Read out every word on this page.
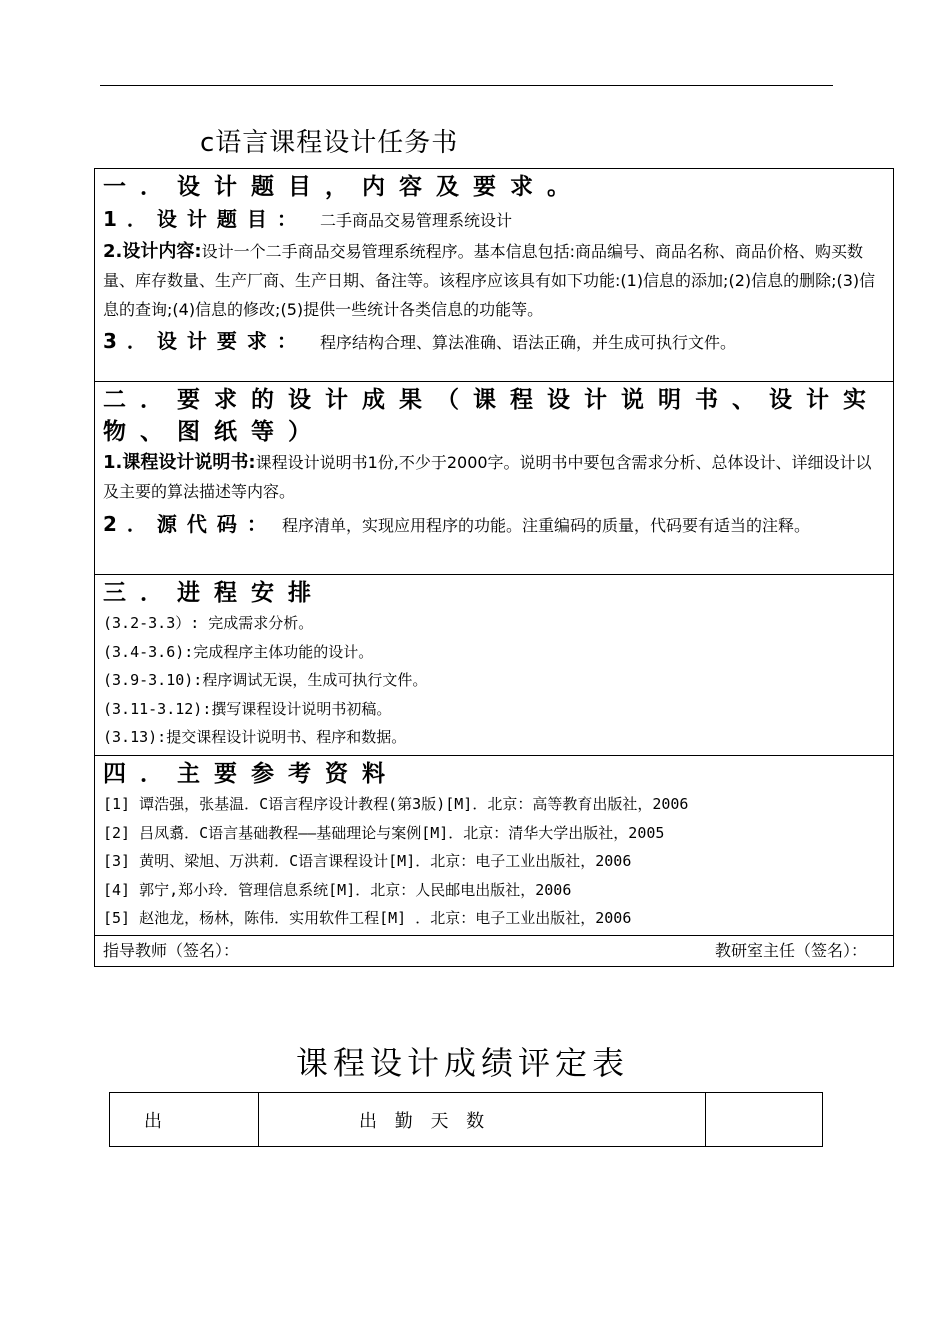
c语言课程设计任务书
一．设计题目，内容及要求。
1．设计题目： 二手商品交易管理系统设计
2.设计内容:设计一个二手商品交易管理系统程序。基本信息包括:商品编号、商品名称、商品价格、购买数量、库存数量、生产厂商、生产日期、备注等。该程序应该具有如下功能:(1)信息的添加;(2)信息的删除;(3)信息的查询;(4)信息的修改;(5)提供一些统计各类信息的功能等。
3．设计要求： 程序结构合理、算法准确、语法正确，并生成可执行文件。

二．要求的设计成果（课程设计说明书、设计实物、图纸等）
1.课程设计说明书:课程设计说明书1份,不少于2000字。说明书中要包含需求分析、总体设计、详细设计以及主要的算法描述等内容。
2．源代码： 程序清单，实现应用程序的功能。注重编码的质量，代码要有适当的注释。

三．进程安排
(3.2-3.3）: 完成需求分析。
(3.4-3.6):完成程序主体功能的设计。
(3.9-3.10):程序调试无误，生成可执行文件。
(3.11-3.12):撰写课程设计说明书初稿。
(3.13):提交课程设计说明书、程序和数据。

四．主要参考资料
[1] 谭浩强，张基温．C语言程序设计教程(第3版)[M]．北京：高等教育出版社，2006
[2] 吕凤翥．C语言基础教程——基础理论与案例[M]．北京：清华大学出版社，2005
[3] 黄明、梁旭、万洪莉．C语言课程设计[M]．北京：电子工业出版社，2006
[4] 郭宁,郑小玲．管理信息系统[M]．北京：人民邮电出版社，2006
[5] 赵池龙，杨林，陈伟．实用软件工程[M] ．北京：电子工业出版社，2006

指导教师（签名）：	教研室主任（签名）：
课程设计成绩评定表
出	出 勤 天 数	
